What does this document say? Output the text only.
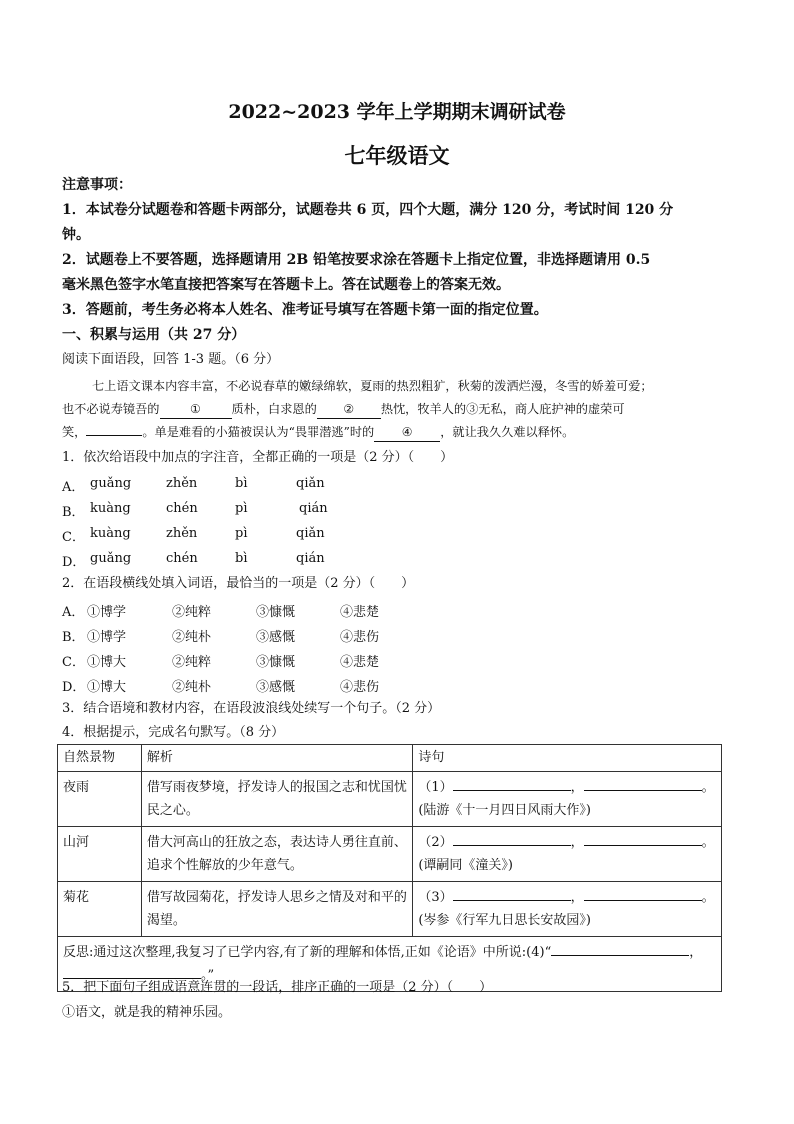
2022~2023 学年上学期期末调研试卷
七年级语文
注意事项：
1．本试卷分试题卷和答题卡两部分，试题卷共 6 页，四个大题，满分 120 分，考试时间 120 分
钟。
2．试题卷上不要答题，选择题请用 2B 铅笔按要求涂在答题卡上指定位置，非选择题请用 0.5
毫米黑色签字水笔直接把答案写在答题卡上。答在试题卷上的答案无效。
3．答题前，考生务必将本人姓名、准考证号填写在答题卡第一面的指定位置。
一、积累与运用（共 27 分）
阅读下面语段，回答 1-3 题。（6 分）
七上语文课本内容丰富，不必说春草的嫩绿绵软，夏雨的热烈粗犷，秋菊的泼洒烂漫，冬雪的娇羞可爱；
也不必说寿镜吾的	①	质朴，白求恩的 ② 热忱，牧羊人的③无私，商人庇护神的虚荣可
笑，	。单是难看的小猫被误认为“畏罪潜逃”时的 ④ ，就让我久久难以释怀。
1．依次给语段中加点的字注音，全都正确的一项是（2 分）（　　）
A． guǎng	zhěn	bì	qiǎn
B． kuàng	chén	pì	qián
C． kuàng	zhěn	pì	qiǎn
D． guǎng	chén	bì	qián
2．在语段横线处填入词语，最恰当的一项是（2 分）（　　）
A． ①博学	②纯粹	③慷慨	④悲楚
B． ①博学	②纯朴	③感慨	④悲伤
C． ①博大	②纯粹	③慷慨	④悲楚
D． ①博大	②纯朴	③感慨	④悲伤
3．结合语境和教材内容，在语段波浪线处续写一个句子。（2 分）
4．根据提示，完成名句默写。（8 分）
自然景物	解析	诗句
夜雨	借写雨夜梦境，抒发诗人的报国之志和忧国忧民之心。	（1） ， 。(陆游《十一月四日风雨大作》)
山河	借大河高山的狂放之态，表达诗人勇往直前、追求个性解放的少年意气。	（2） ， 。(谭嗣同《潼关》)
菊花	借写故园菊花，抒发诗人思乡之情及对和平的渴望。	（3） ， 。(岑参《行军九日思长安故园》)
反思:通过这次整理,我复习了已学内容,有了新的理解和体悟,正如《论语》中所说:(4)“ ，
。”		
5．把下面句子组成语意连贯的一段话，排序正确的一项是（2 分）（　　）
①语文，就是我的精神乐园。
